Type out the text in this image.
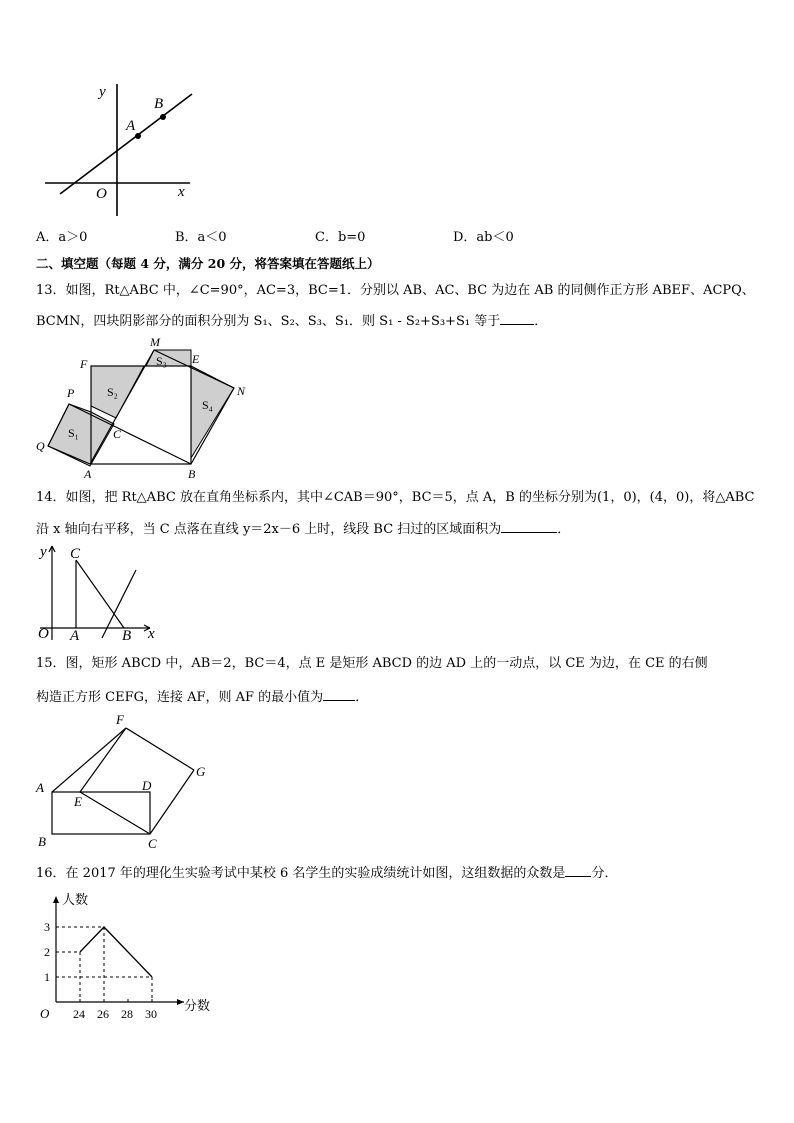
y
x
O
A
B
A．a＞0	B．a＜0	C．b=0	D．ab＜0
二、填空题（每题 4 分，满分 20 分，将答案填在答题纸上）
13．如图，Rt△ABC 中，∠C=90°，AC=3，BC=1．分别以 AB、AC、BC 为边在 AB 的同侧作正方形 ABEF、ACPQ、
BCMN，四块阴影部分的面积分别为 S₁、S₂、S₃、S₁．则 S₁ - S₂+S₃+S₁ 等于	．
M
F	S₃ E
N
P	S₂
S₄
Q
S₁	C
A	B
14．如图，把 Rt△ABC 放在直角坐标系内，其中∠CAB＝90°，BC＝5，点 A，B 的坐标分别为(1，0)，(4，0)，将△ABC
沿 x 轴向右平移，当 C 点落在直线 y＝2x－6 上时，线段 BC 扫过的区域面积为	．
y C
O A	B x
15．图，矩形 ABCD 中，AB＝2，BC＝4，点 E 是矩形 ABCD 的边 AD 上的一动点，以 CE 为边，在 CE 的右侧
构造正方形 CEFG，连接 AF，则 AF 的最小值为 ．
F
G
A	D
E
B	C
16．在 2017 年的理化生实验考试中某校 6 名学生的实验成绩统计如图，这组数据的众数是 分．
24 26 28 30
1
2
3
人数
分数
O
